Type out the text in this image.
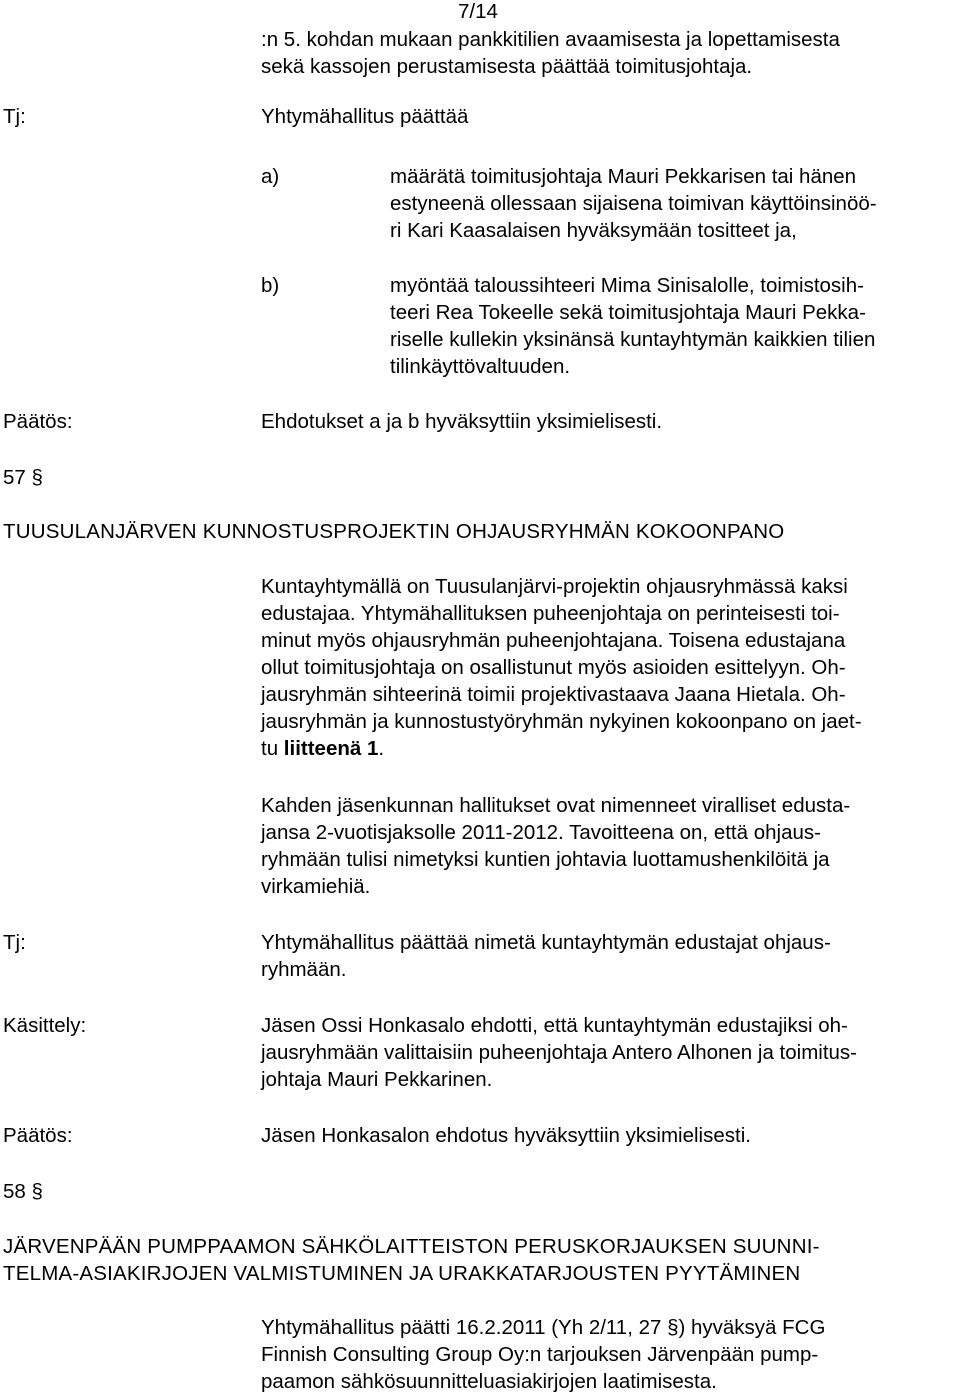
7/14

:n 5. kohdan mukaan pankkitilien avaamisesta ja lopettamisesta

sekä kassojen perustamisesta päättää toimitusjohtaja.

Tj:	Yhtymähallitus päättää

a)	määrätä toimitusjohtaja Mauri Pekkarisen tai hänen

estyneenä ollessaan sijaisena toimivan käyttöinsinöö-

ri Kari Kaasalaisen hyväksymään tositteet ja,

b)	myöntää taloussihteeri Mima Sinisalolle, toimistosih-

teeri Rea Tokeelle sekä toimitusjohtaja Mauri Pekka-

riselle kullekin yksinänsä kuntayhtymän kaikkien tilien

tilinkäyttövaltuuden.

Päätös:	Ehdotukset a ja b hyväksyttiin yksimielisesti.

57 §

TUUSULANJÄRVEN KUNNOSTUSPROJEKTIN OHJAUSRYHMÄN KOKOONPANO

Kuntayhtymällä on Tuusulanjärvi-projektin ohjausryhmässä kaksi

edustajaa. Yhtymähallituksen puheenjohtaja on perinteisesti toi-

minut myös ohjausryhmän puheenjohtajana. Toisena edustajana

ollut toimitusjohtaja on osallistunut myös asioiden esittelyyn. Oh-

jausryhmän sihteerinä toimii projektivastaava Jaana Hietala. Oh-

jausryhmän ja kunnostustyöryhmän nykyinen kokoonpano on jaet-

tu liitteenä 1.

Kahden jäsenkunnan hallitukset ovat nimenneet viralliset edusta-

jansa 2-vuotisjaksolle 2011-2012. Tavoitteena on, että ohjaus-

ryhmään tulisi nimetyksi kuntien johtavia luottamushenkilöitä ja

virkamiehiä.

Tj:	Yhtymähallitus päättää nimetä kuntayhtymän edustajat ohjaus-

ryhmään.

Käsittely:	Jäsen Ossi Honkasalo ehdotti, että kuntayhtymän edustajiksi oh-

jausryhmään valittaisiin puheenjohtaja Antero Alhonen ja toimitus-

johtaja Mauri Pekkarinen.

Päätös:	Jäsen Honkasalon ehdotus hyväksyttiin yksimielisesti.

58 §

JÄRVENPÄÄN PUMPPAAMON SÄHKÖLAITTEISTON PERUSKORJAUKSEN SUUNNI-

TELMA-ASIAKIRJOJEN VALMISTUMINEN JA URAKKATARJOUSTEN PYYTÄMINEN

Yhtymähallitus päätti 16.2.2011 (Yh 2/11, 27 §) hyväksyä FCG

Finnish Consulting Group Oy:n tarjouksen Järvenpään pump-

paamon sähkösuunnitteluasiakirjojen laatimisesta.
